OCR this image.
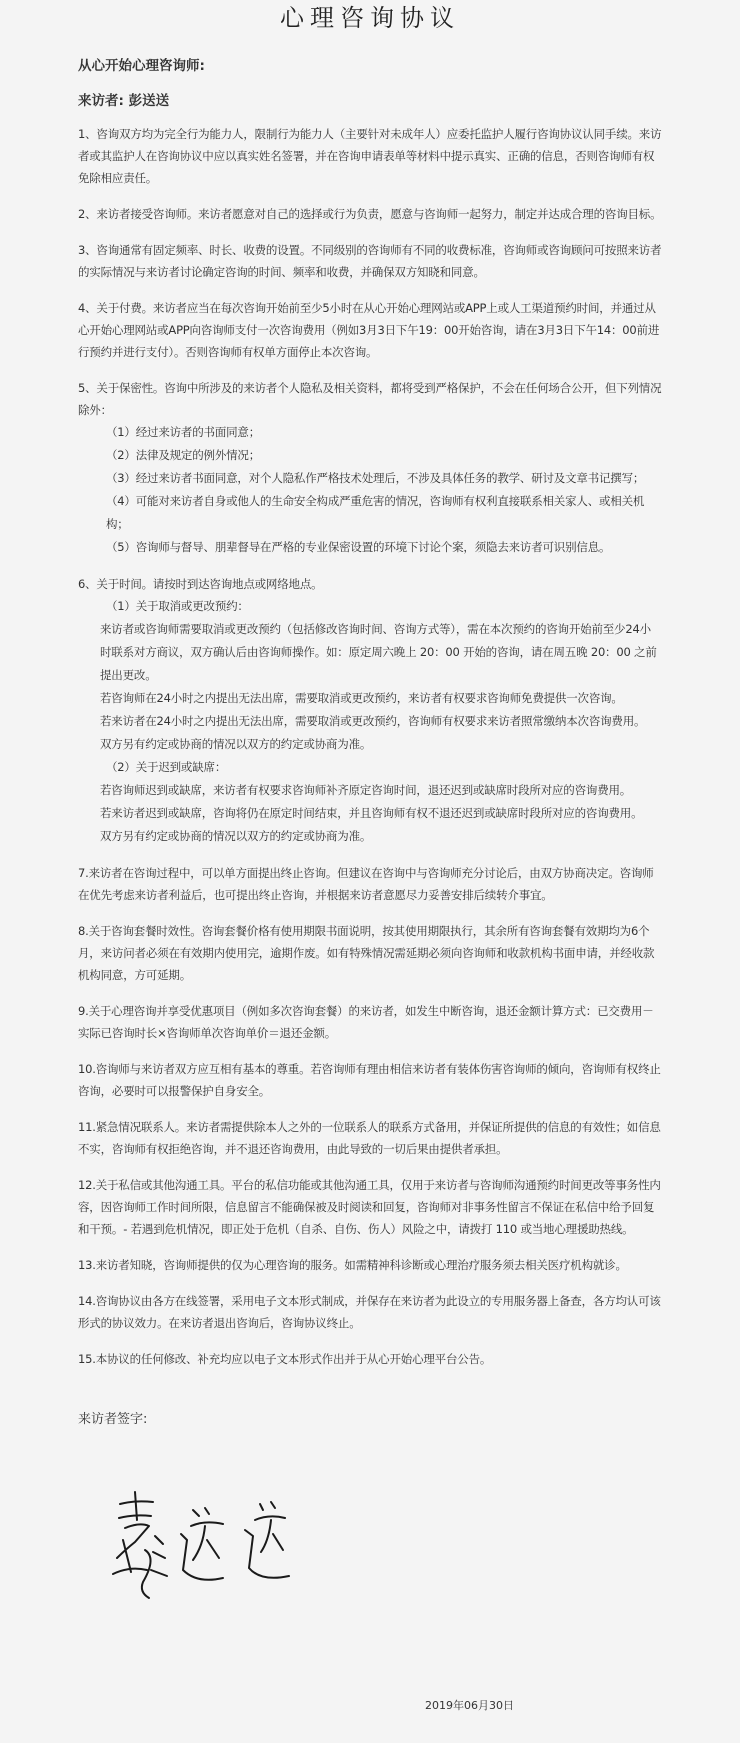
心理咨询协议
从心开始心理咨询师:
来访者: 彭送送
1、咨询双方均为完全行为能力人，限制行为能力人（主要针对未成年人）应委托监护人履行咨询协议认同手续。来访者或其监护人在咨询协议中应以真实姓名签署，并在咨询申请表单等材料中提示真实、正确的信息，否则咨询师有权免除相应责任。
2、来访者接受咨询师。来访者愿意对自己的选择或行为负责，愿意与咨询师一起努力，制定并达成合理的咨询目标。
3、咨询通常有固定频率、时长、收费的设置。不同级别的咨询师有不同的收费标准，咨询师或咨询顾问可按照来访者的实际情况与来访者讨论确定咨询的时间、频率和收费，并确保双方知晓和同意。
4、关于付费。来访者应当在每次咨询开始前至少5小时在从心开始心理网站或APP上或人工渠道预约时间，并通过从心开始心理网站或APP向咨询师支付一次咨询费用（例如3月3日下午19：00开始咨询，请在3月3日下午14：00前进行预约并进行支付）。否则咨询师有权单方面停止本次咨询。
5、关于保密性。咨询中所涉及的来访者个人隐私及相关资料，都将受到严格保护，不会在任何场合公开，但下列情况除外：
（1）经过来访者的书面同意；
（2）法律及规定的例外情况；
（3）经过来访者书面同意，对个人隐私作严格技术处理后，不涉及具体任务的教学、研讨及文章书记撰写；
（4）可能对来访者自身或他人的生命安全构成严重危害的情况，咨询师有权利直接联系相关家人、或相关机构；
（5）咨询师与督导、朋辈督导在严格的专业保密设置的环境下讨论个案，须隐去来访者可识别信息。
6、关于时间。请按时到达咨询地点或网络地点。
（1）关于取消或更改预约：
来访者或咨询师需要取消或更改预约（包括修改咨询时间、咨询方式等），需在本次预约的咨询开始前至少24小时联系对方商议，双方确认后由咨询师操作。如：原定周六晚上 20：00 开始的咨询，请在周五晚 20：00 之前提出更改。
若咨询师在24小时之内提出无法出席，需要取消或更改预约，来访者有权要求咨询师免费提供一次咨询。
若来访者在24小时之内提出无法出席，需要取消或更改预约，咨询师有权要求来访者照常缴纳本次咨询费用。
双方另有约定或协商的情况以双方的约定或协商为准。
（2）关于迟到或缺席：
若咨询师迟到或缺席，来访者有权要求咨询师补齐原定咨询时间，退还迟到或缺席时段所对应的咨询费用。
若来访者迟到或缺席，咨询将仍在原定时间结束，并且咨询师有权不退还迟到或缺席时段所对应的咨询费用。
双方另有约定或协商的情况以双方的约定或协商为准。
7.来访者在咨询过程中，可以单方面提出终止咨询。但建议在咨询中与咨询师充分讨论后，由双方协商决定。咨询师在优先考虑来访者利益后，也可提出终止咨询，并根据来访者意愿尽力妥善安排后续转介事宜。
8.关于咨询套餐时效性。咨询套餐价格有使用期限书面说明，按其使用期限执行，其余所有咨询套餐有效期均为6个月，来访问者必须在有效期内使用完，逾期作废。如有特殊情况需延期必须向咨询师和收款机构书面申请，并经收款机构同意，方可延期。
9.关于心理咨询并享受优惠项目（例如多次咨询套餐）的来访者，如发生中断咨询，退还金额计算方式：已交费用－实际已咨询时长×咨询师单次咨询单价＝退还金额。
10.咨询师与来访者双方应互相有基本的尊重。若咨询师有理由相信来访者有装体伤害咨询师的倾向，咨询师有权终止咨询，必要时可以报警保护自身安全。
11.紧急情况联系人。来访者需提供除本人之外的一位联系人的联系方式备用，并保证所提供的信息的有效性；如信息不实，咨询师有权拒绝咨询，并不退还咨询费用，由此导致的一切后果由提供者承担。
12.关于私信或其他沟通工具。平台的私信功能或其他沟通工具，仅用于来访者与咨询师沟通预约时间更改等事务性内容，因咨询师工作时间所限，信息留言不能确保被及时阅读和回复，咨询师对非事务性留言不保证在私信中给予回复和干预。- 若遇到危机情况，即正处于危机（自杀、自伤、伤人）风险之中，请拨打 110 或当地心理援助热线。
13.来访者知晓，咨询师提供的仅为心理咨询的服务。如需精神科诊断或心理治疗服务须去相关医疗机构就诊。
14.咨询协议由各方在线签署，采用电子文本形式制成，并保存在来访者为此设立的专用服务器上备查，各方均认可该形式的协议效力。在来访者退出咨询后，咨询协议终止。
15.本协议的任何修改、补充均应以电子文本形式作出并于从心开始心理平台公告。
来访者签字:
2019年06月30日
